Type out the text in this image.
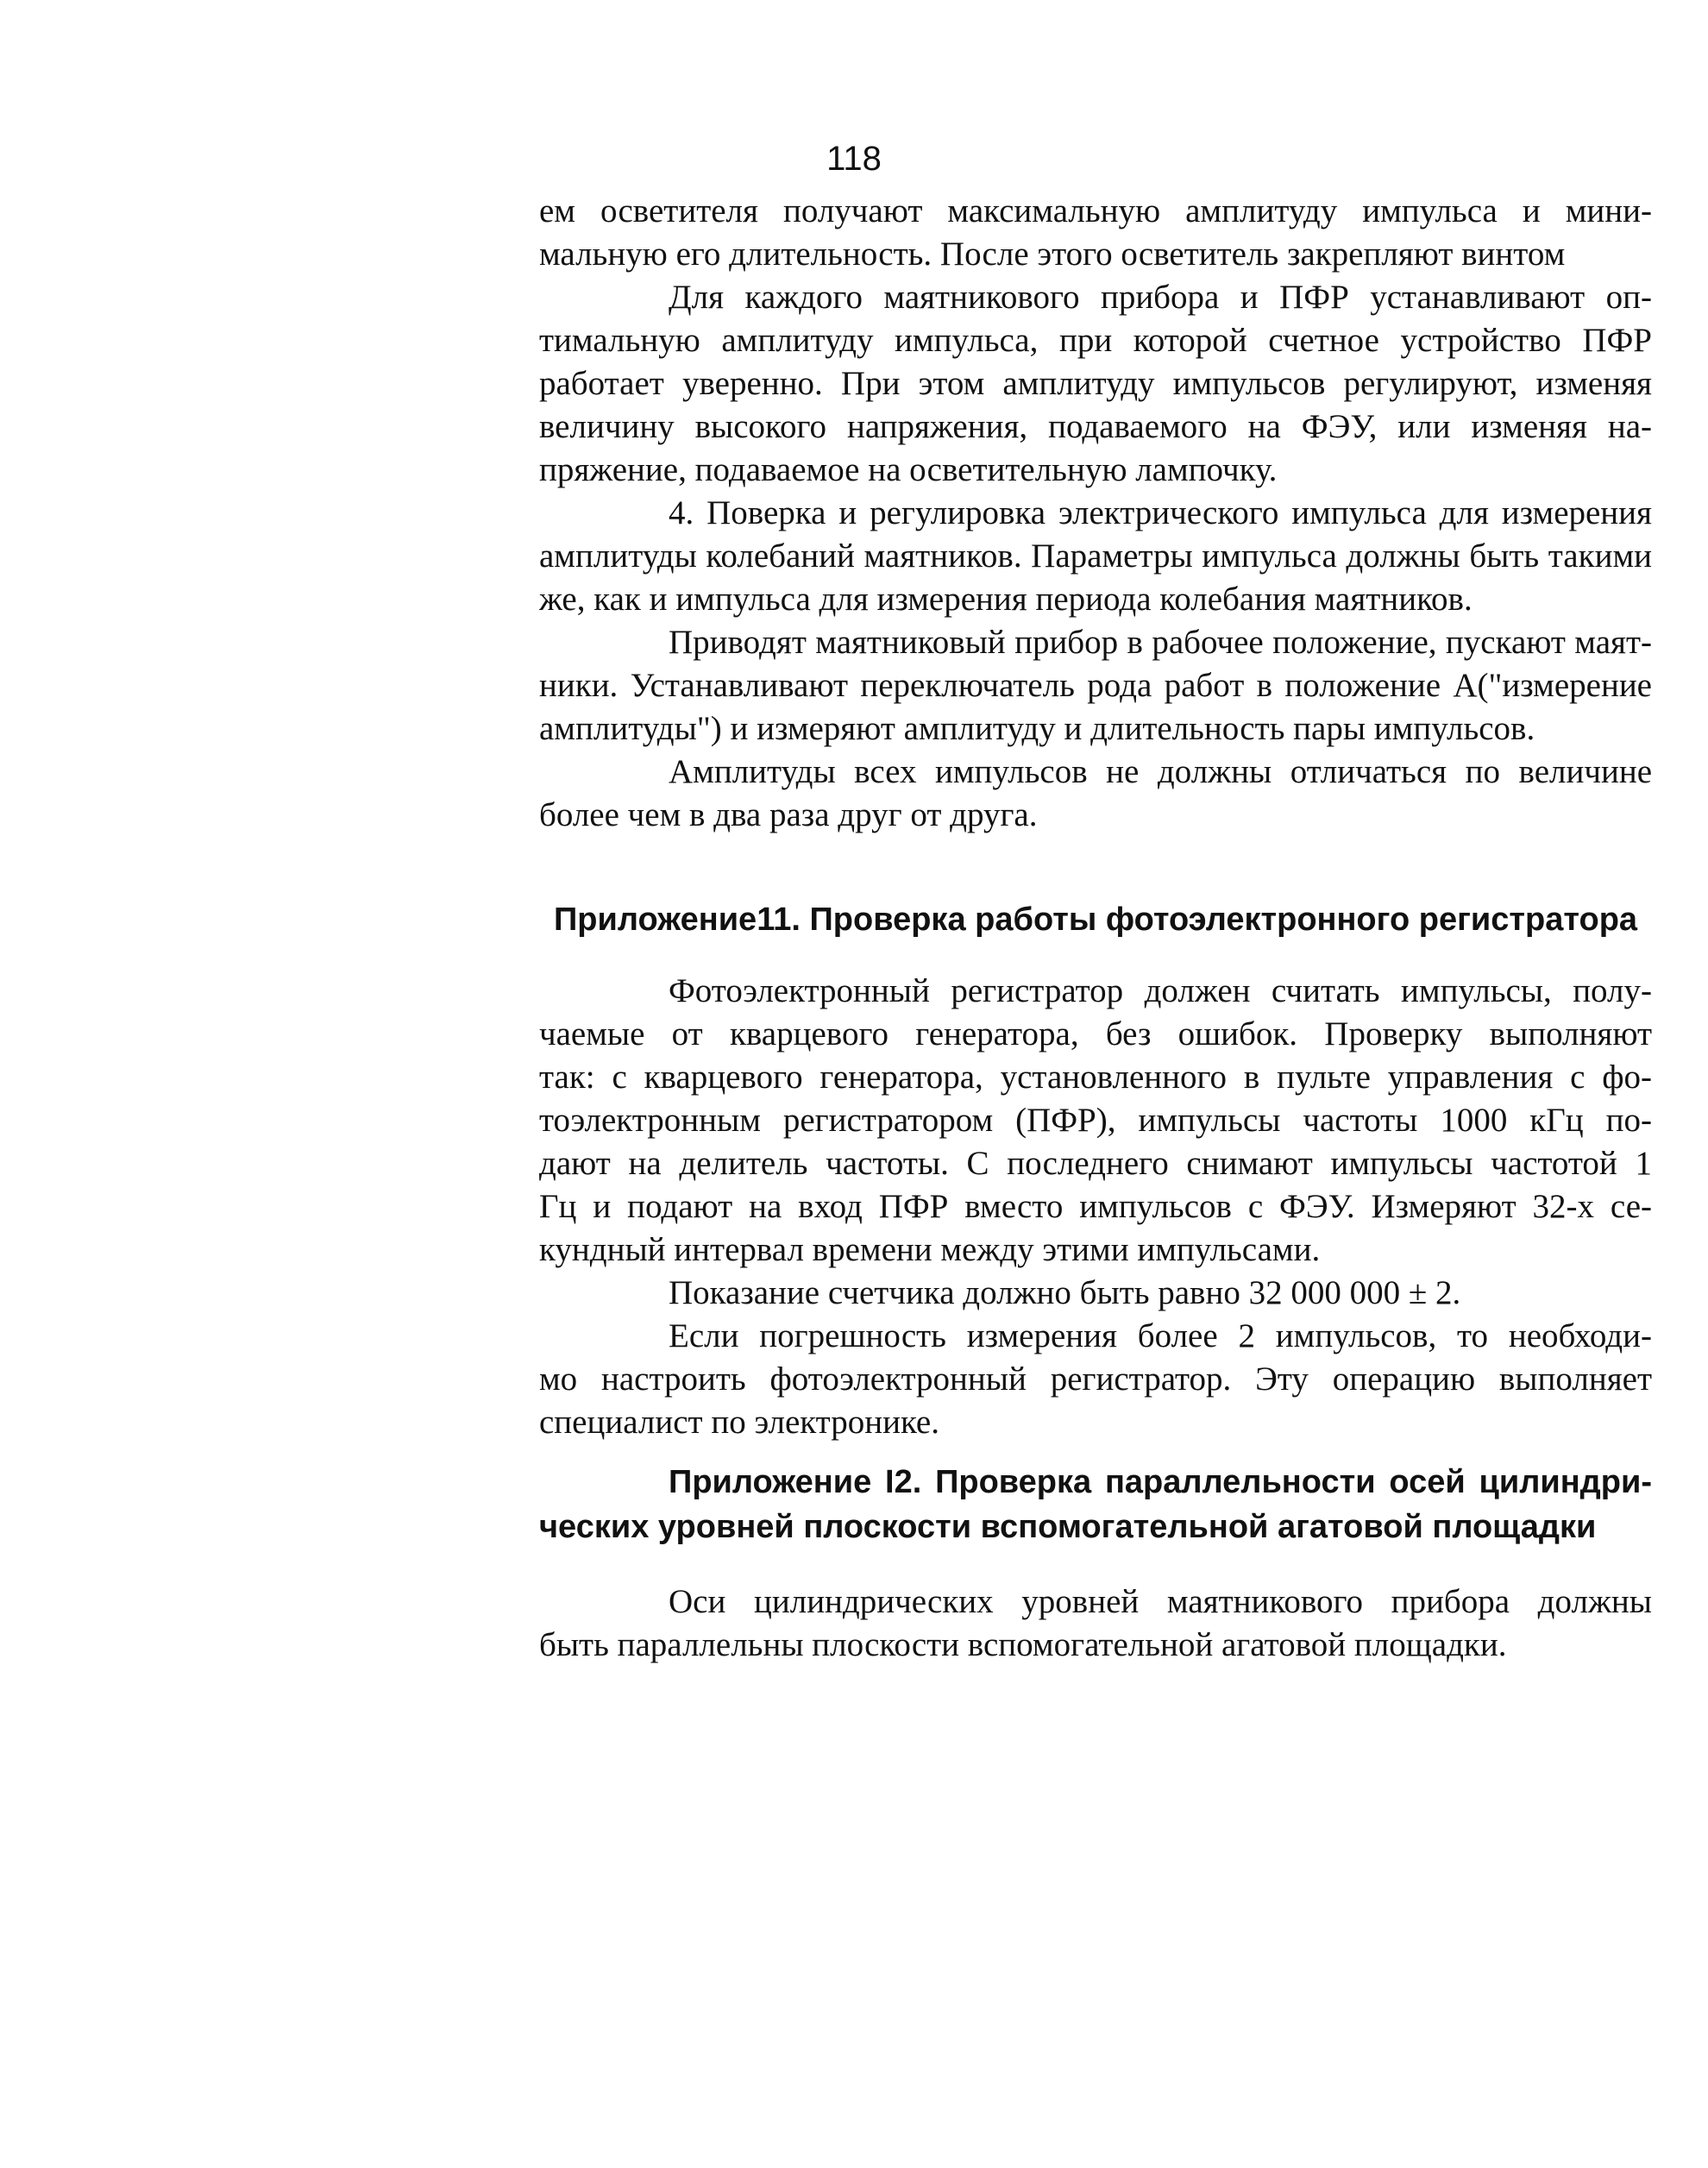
118

ем осветителя получают максимальную амплитуду импульса и мини-
мальную его длительность. После этого осветитель закрепляют винтом

Для каждого маятникового прибора и ПФР устанавливают оп-
тимальную амплитуду импульса, при которой счетное устройство ПФР
работает уверенно. При этом амплитуду импульсов регулируют, изменяя
величину высокого напряжения, подаваемого на ФЭУ, или изменяя на-
пряжение, подаваемое на осветительную лампочку.

4. Поверка и регулировка электрического импульса для измерения
амплитуды колебаний маятников. Параметры импульса должны быть такими
же, как и импульса для измерения периода колебания маятников.

Приводят маятниковый прибор в рабочее положение, пускают маят-
ники. Устанавливают переключатель рода работ в положение А("измерение
амплитуды") и измеряют амплитуду и длительность пары импульсов.

Амплитуды всех импульсов не должны отличаться по величине
более чем в два раза друг от друга.

Приложение11. Проверка работы фотоэлектронного регистратора

Фотоэлектронный регистратор должен считать импульсы, полу-
чаемые от кварцевого генератора, без ошибок. Проверку выполняют
так: с кварцевого генератора, установленного в пульте управления с фо-
тоэлектронным регистратором (ПФР), импульсы частоты 1000 кГц по-
дают на делитель частоты. С последнего снимают импульсы частотой 1
Гц и подают на вход ПФР вместо импульсов с ФЭУ. Измеряют 32-х се-
кундный интервал времени между этими импульсами.

Показание счетчика должно быть равно 32 000 000 ± 2.

Если погрешность измерения более 2 импульсов, то необходи-
мо настроить фотоэлектронный регистратор. Эту операцию выполняет
специалист по электронике.

Приложение I2. Проверка параллельности осей цилиндри-
ческих уровней плоскости вспомогательной агатовой площадки

Оси цилиндрических уровней маятникового прибора должны
быть параллельны плоскости вспомогательной агатовой площадки.
